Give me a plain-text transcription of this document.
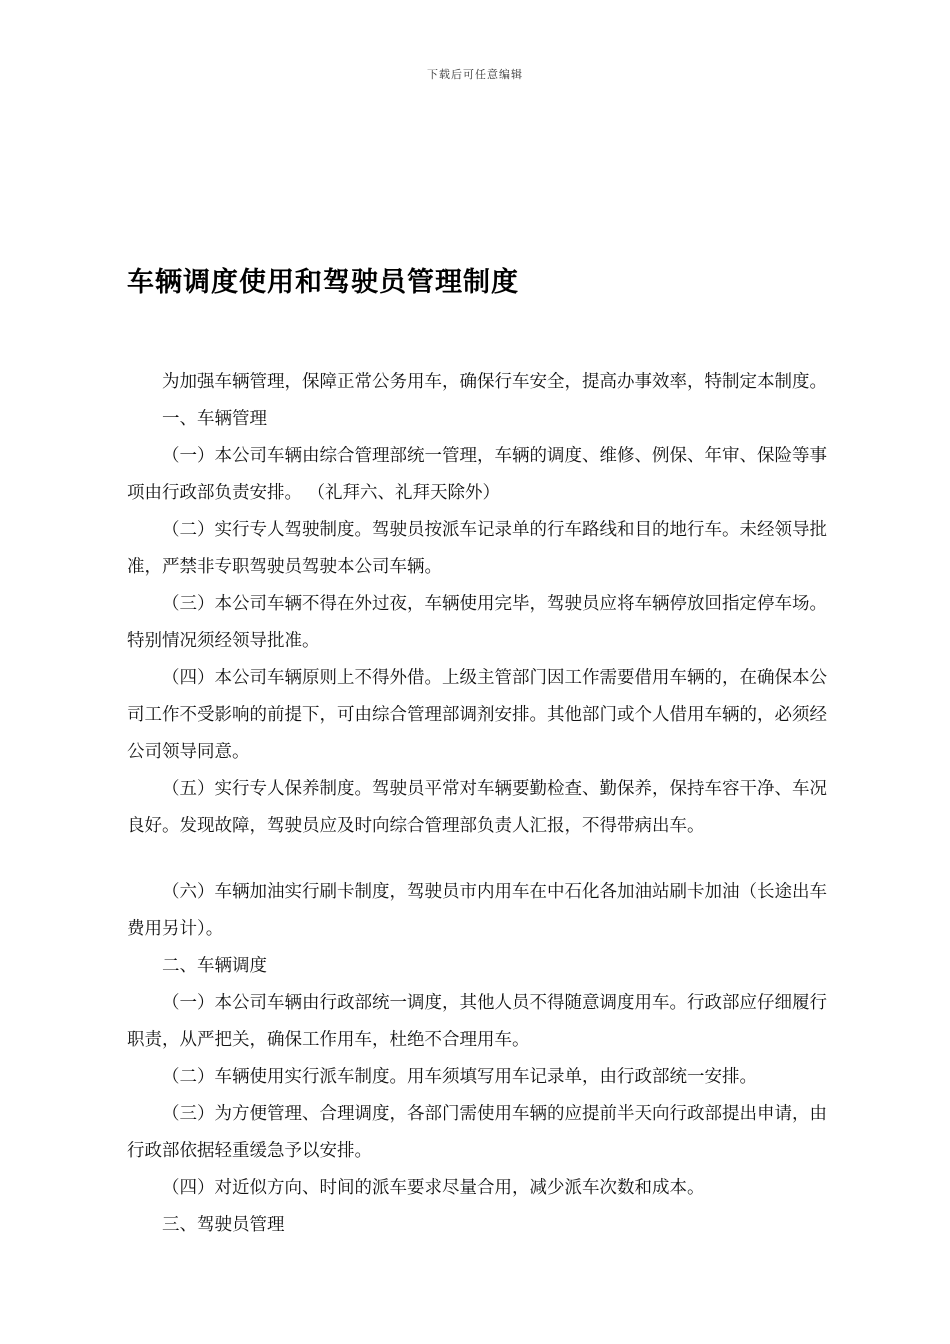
下载后可任意编辑
车辆调度使用和驾驶员管理制度

为加强车辆管理，保障正常公务用车，确保行车安全，提高办事效率，特制定本制度。

一、车辆管理

（一）本公司车辆由综合管理部统一管理，车辆的调度、维修、例保、年审、保险等事项由行政部负责安排。 （礼拜六、礼拜天除外）

（二）实行专人驾驶制度。驾驶员按派车记录单的行车路线和目的地行车。未经领导批准，严禁非专职驾驶员驾驶本公司车辆。

（三）本公司车辆不得在外过夜，车辆使用完毕，驾驶员应将车辆停放回指定停车场。特别情况须经领导批准。

（四）本公司车辆原则上不得外借。上级主管部门因工作需要借用车辆的，在确保本公司工作不受影响的前提下，可由综合管理部调剂安排。其他部门或个人借用车辆的，必须经公司领导同意。

（五）实行专人保养制度。驾驶员平常对车辆要勤检查、勤保养，保持车容干净、车况良好。发现故障，驾驶员应及时向综合管理部负责人汇报，不得带病出车。

（六）车辆加油实行刷卡制度，驾驶员市内用车在中石化各加油站刷卡加油（长途出车费用另计）。

二、车辆调度

（一）本公司车辆由行政部统一调度，其他人员不得随意调度用车。行政部应仔细履行职责，从严把关，确保工作用车，杜绝不合理用车。

（二）车辆使用实行派车制度。用车须填写用车记录单，由行政部统一安排。

（三）为方便管理、合理调度，各部门需使用车辆的应提前半天向行政部提出申请，由行政部依据轻重缓急予以安排。

（四）对近似方向、时间的派车要求尽量合用，减少派车次数和成本。

三、驾驶员管理
